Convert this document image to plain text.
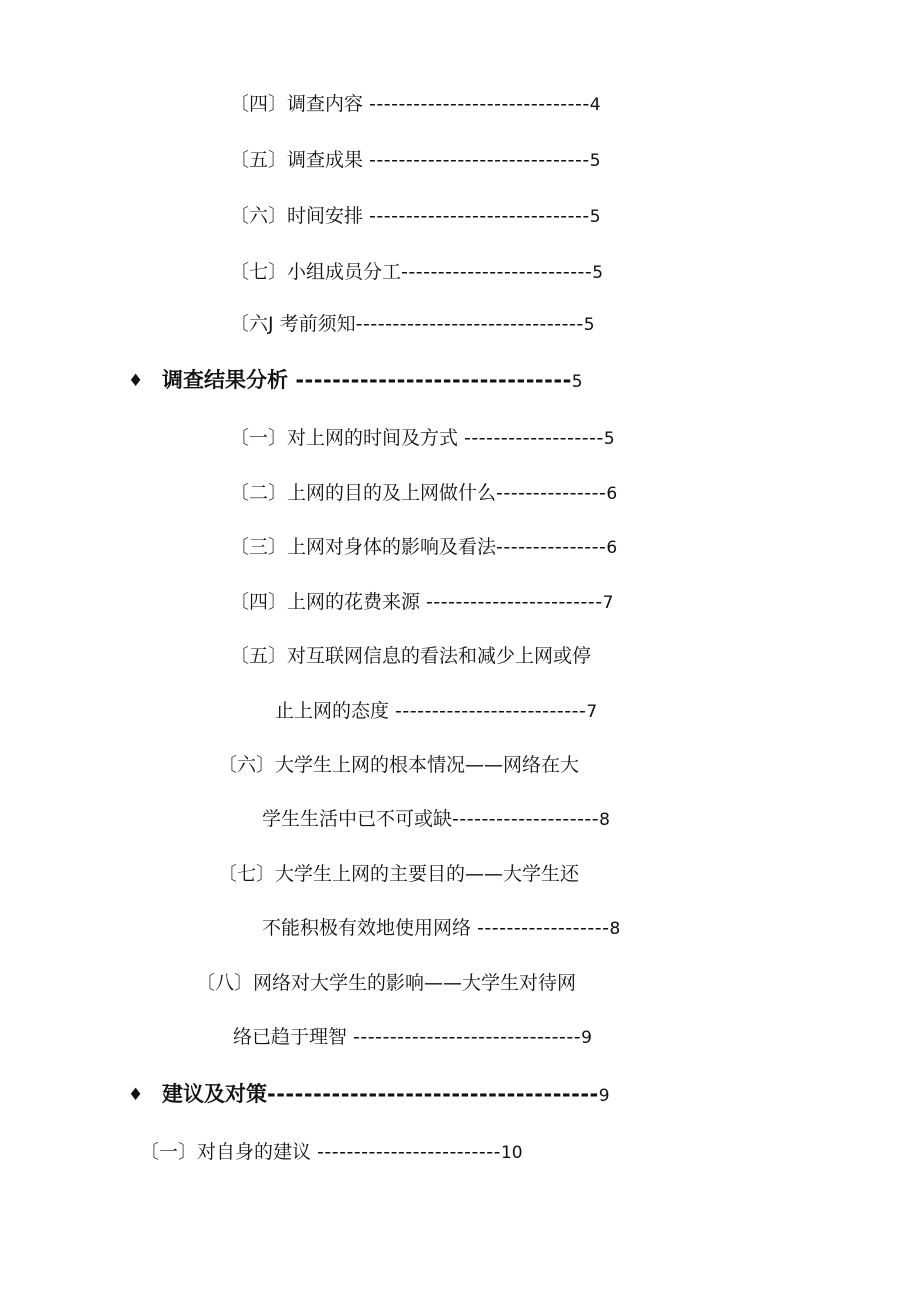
〔四〕调查内容 ------------------------------4
〔五〕调查成果 ------------------------------5
〔六〕时间安排 ------------------------------5
〔七〕小组成员分工--------------------------5
〔六J 考前须知-------------------------------5
♦ 调查结果分析 ------------------------------5
〔一〕对上网的时间及方式 -------------------5
〔二〕上网的目的及上网做什么---------------6
〔三〕上网对身体的影响及看法---------------6
〔四〕上网的花费来源 ------------------------7
〔五〕对互联网信息的看法和减少上网或停
止上网的态度 --------------------------7
〔六〕大学生上网的根本情况——网络在大
学生生活中已不可或缺--------------------8
〔七〕大学生上网的主要目的——大学生还
不能积极有效地使用网络 ------------------8
〔八〕网络对大学生的影响——大学生对待网
络已趋于理智 -------------------------------9
♦ 建议及对策------------------------------------9
〔一〕对自身的建议 -------------------------10
